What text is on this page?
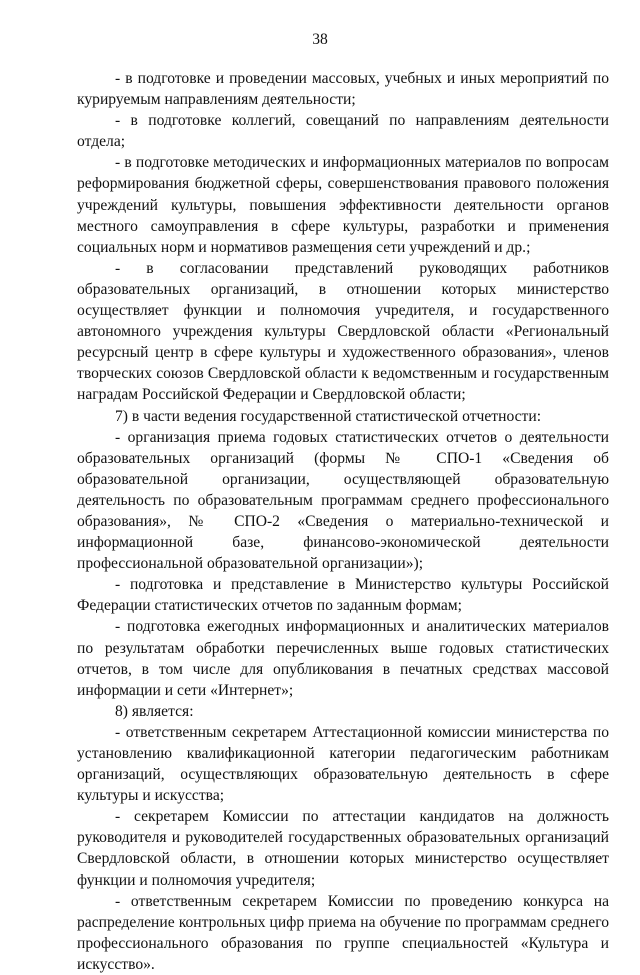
38

- в подготовке и проведении массовых, учебных и иных мероприятий по курируемым направлениям деятельности;

- в подготовке коллегий, совещаний по направлениям деятельности отдела;

- в подготовке методических и информационных материалов по вопросам реформирования бюджетной сферы, совершенствования правового положения учреждений культуры, повышения эффективности деятельности органов местного самоуправления в сфере культуры, разработки и применения социальных норм и нормативов размещения сети учреждений и др.;

- в согласовании представлений руководящих работников образовательных организаций, в отношении которых министерство осуществляет функции и полномочия учредителя, и государственного автономного учреждения культуры Свердловской области «Региональный ресурсный центр в сфере культуры и художественного образования», членов творческих союзов Свердловской области к ведомственным и государственным наградам Российской Федерации и Свердловской области;

7) в части ведения государственной статистической отчетности:

- организация приема годовых статистических отчетов о деятельности образовательных организаций (формы № СПО-1 «Сведения об образовательной организации, осуществляющей образовательную деятельность по образовательным программам среднего профессионального образования», № СПО-2 «Сведения о материально-технической и информационной базе, финансово-экономической деятельности профессиональной образовательной организации»);

- подготовка и представление в Министерство культуры Российской Федерации статистических отчетов по заданным формам;

- подготовка ежегодных информационных и аналитических материалов по результатам обработки перечисленных выше годовых статистических отчетов, в том числе для опубликования в печатных средствах массовой информации и сети «Интернет»;

8) является:

- ответственным секретарем Аттестационной комиссии министерства по установлению квалификационной категории педагогическим работникам организаций, осуществляющих образовательную деятельность в сфере культуры и искусства;

- секретарем Комиссии по аттестации кандидатов на должность руководителя и руководителей государственных образовательных организаций Свердловской области, в отношении которых министерство осуществляет функции и полномочия учредителя;

- ответственным секретарем Комиссии по проведению конкурса на распределение контрольных цифр приема на обучение по программам среднего профессионального образования по группе специальностей «Культура и искусство».
